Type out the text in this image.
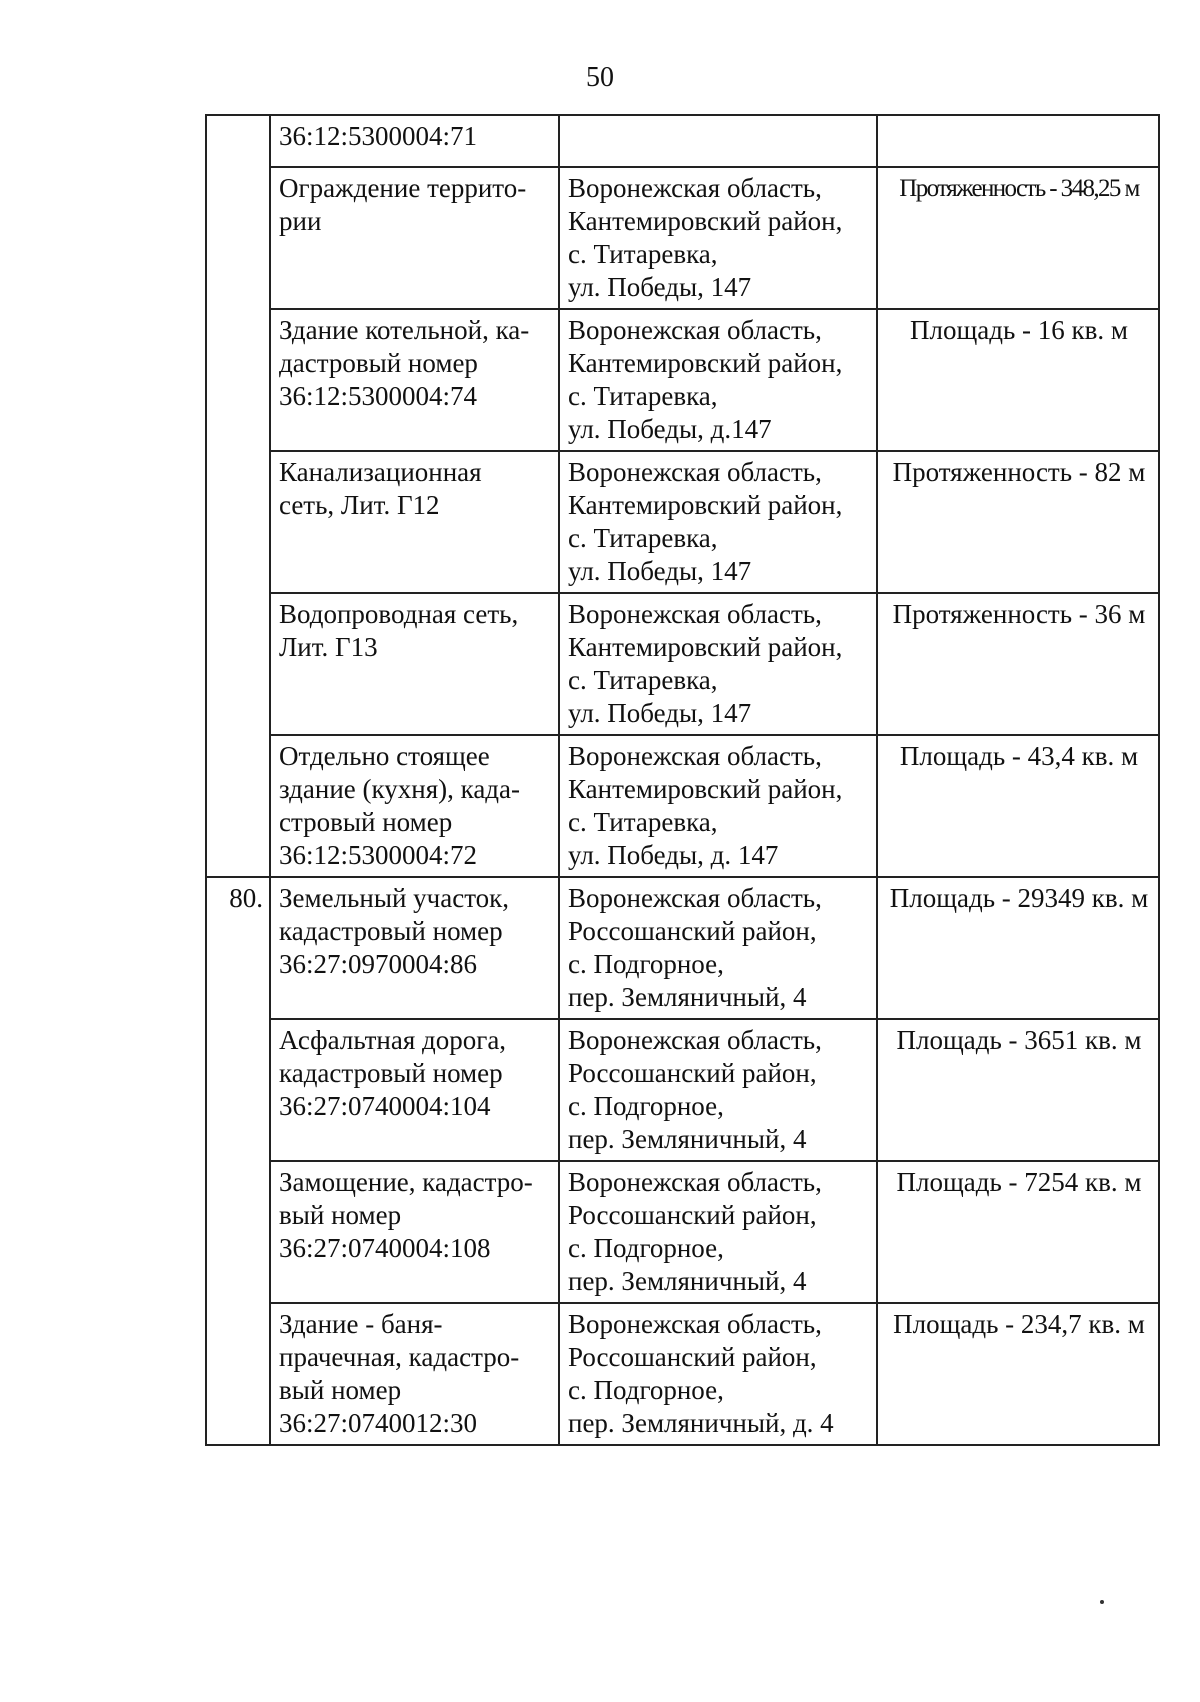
50

	36:12:5300004:71		

	Ограждение террито-
рии	Воронежская область,
Кантемировский район,
с. Титаревка,
ул. Победы, 147	Протяженность - 348,25 м

	Здание котельной, ка-
дастровый номер
36:12:5300004:74	Воронежская область,
Кантемировский район,
с. Титаревка,
ул. Победы, д.147	Площадь - 16 кв. м

	Канализационная
сеть, Лит. Г12	Воронежская область,
Кантемировский район,
с. Титаревка,
ул. Победы, 147	Протяженность - 82 м

	Водопроводная сеть,
Лит. Г13	Воронежская область,
Кантемировский район,
с. Титаревка,
ул. Победы, 147	Протяженность - 36 м

	Отдельно стоящее
здание (кухня), када-
стровый номер
36:12:5300004:72	Воронежская область,
Кантемировский район,
с. Титаревка,
ул. Победы, д. 147	Площадь - 43,4 кв. м
80.	Земельный участок,
кадастровый номер
36:27:0970004:86	Воронежская область,
Россошанский район,
с. Подгорное,
пер. Земляничный, 4	Площадь - 29349 кв. м

	Асфальтная дорога,
кадастровый номер
36:27:0740004:104	Воронежская область,
Россошанский район,
с. Подгорное,
пер. Земляничный, 4	Площадь - 3651 кв. м

	Замощение, кадастро-
вый номер
36:27:0740004:108	Воронежская область,
Россошанский район,
с. Подгорное,
пер. Земляничный, 4	Площадь - 7254 кв. м

	Здание - баня-
прачечная, кадастро-
вый номер
36:27:0740012:30	Воронежская область,
Россошанский район,
с. Подгорное,
пер. Земляничный, д. 4	Площадь - 234,7 кв. м
